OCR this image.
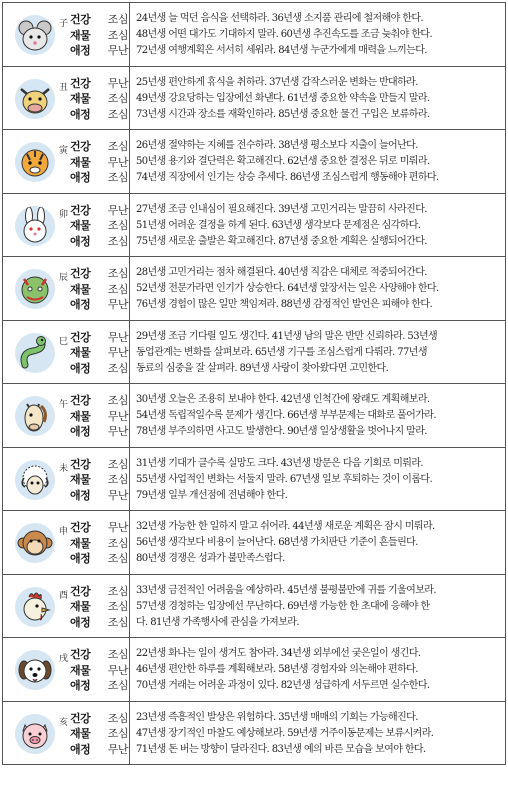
子 건강 조심
재물 조심
애정 무난
24년생 늘 먹던 음식을 선택하라. 36년생 소지품 관리에 철저해야 한다.
48년생 어떤 대가도 기대하지 말라. 60년생 추진속도를 조금 늦춰야 한다.
72년생 여행계획은 서서히 세워라. 84년생 누군가에게 매력을 느끼는다.
丑 건강 무난
재물 조심
애정 조심
25년생 편안하게 휴식을 취하라. 37년생 갑작스러운 변화는 반대하라.
49년생 강요당하는 입장에선 화낸다. 61년생 중요한 약속을 만들지 말라.
73년생 시간과 장소를 재확인하라. 85년생 중요한 물건 구입은 보류하라.
寅 건강 조심
재물 무난
애정 조심
26년생 절약하는 지혜를 전수하라. 38년생 평소보다 지출이 늘어난다.
50년생 용기와 결단력은 확고해진다. 62년생 중요한 결정은 뒤로 미뤄라.
74년생 직장에서 인기는 상승 추세다. 86년생 조심스럽게 행동해야 편하다.
卯 건강 무난
재물 조심
애정 조심
27년생 조금 인내심이 필요해진다. 39년생 고민거리는 말끔히 사라진다.
51년생 어려운 결정을 하게 된다. 63년생 생각보다 문제점은 심각하다.
75년생 새로운 출발은 확고해진다. 87년생 중요한 계획은 실행되어간다.
辰 건강 조심
재물 조심
애정 무난
28년생 고민거리는 점차 해결된다. 40년생 직감은 대체로 적중되어간다.
52년생 전문가라면 인기가 상승한다. 64년생 앞장서는 일은 사양해야 한다.
76년생 경험이 많은 일만 책임져라. 88년생 감정적인 발언은 피해야 한다.
巳 건강 무난
재물 무난
애정 조심
29년생 조금 기다릴 일도 생긴다. 41년생 남의 말은 반만 신뢰하라. 53년생
동업관계는 변화를 살펴보라. 65년생 기구를 조심스럽게 다뤄라. 77년생
동료의 심중을 잘 살펴라. 89년생 사랑이 찾아왔다면 고민한다.
午 건강 조심
재물 무난
애정 무난
30년생 오늘은 조용히 보내야 한다. 42년생 인척간에 왕래도 계획해보라.
54년생 독립적일수록 문제가 생긴다. 66년생 부부문제는 대화로 풀어가라.
78년생 부주의하면 사고도 발생한다. 90년생 일상생활을 벗어나지 말라.
未 건강 조심
재물 조심
애정 무난
31년생 기대가 클수록 실망도 크다. 43년생 방문은 다음 기회로 미뤄라.
55년생 사업적인 변화는 서둘지 말라. 67년생 일보 후퇴하는 것이 이롭다.
79년생 일부 개선점에 전념해야 한다.
申 건강 무난
재물 조심
애정 조심
32년생 가능한 한 일하지 말고 쉬어라. 44년생 새로운 계획은 잠시 미뤄라.
56년생 생각보다 비용이 늘어난다. 68년생 가치판단 기준이 흔들린다.
80년생 경쟁은 성과가 불만족스럽다.
酉 건강 조심
재물 조심
애정 조심
33년생 금전적인 어려움을 예상하라. 45년생 불평불만에 귀를 기울여보라.
57년생 경청하는 입장에선 무난하다. 69년생 가능한 한 초대에 응해야 한
다. 81년생 가족행사에 관심을 가져보라.
戌 건강 조심
재물 무난
애정 조심
22년생 화나는 일이 생겨도 참아라. 34년생 외부에선 궂은일이 생긴다.
46년생 편안한 하루를 계획해보라. 58년생 경험자와 의논해야 편하다.
70년생 거래는 어려운 과정이 있다. 82년생 성급하게 서두르면 실수한다.
亥 건강 조심
재물 조심
애정 무난
23년생 즉흥적인 발상은 위험하다. 35년생 매매의 기회는 가능해진다.
47년생 장기적인 마찰도 예상해보라. 59년생 거주이동문제는 보류시켜라.
71년생 돈 버는 방향이 달라진다. 83년생 예의 바른 모습을 보여야 한다.
